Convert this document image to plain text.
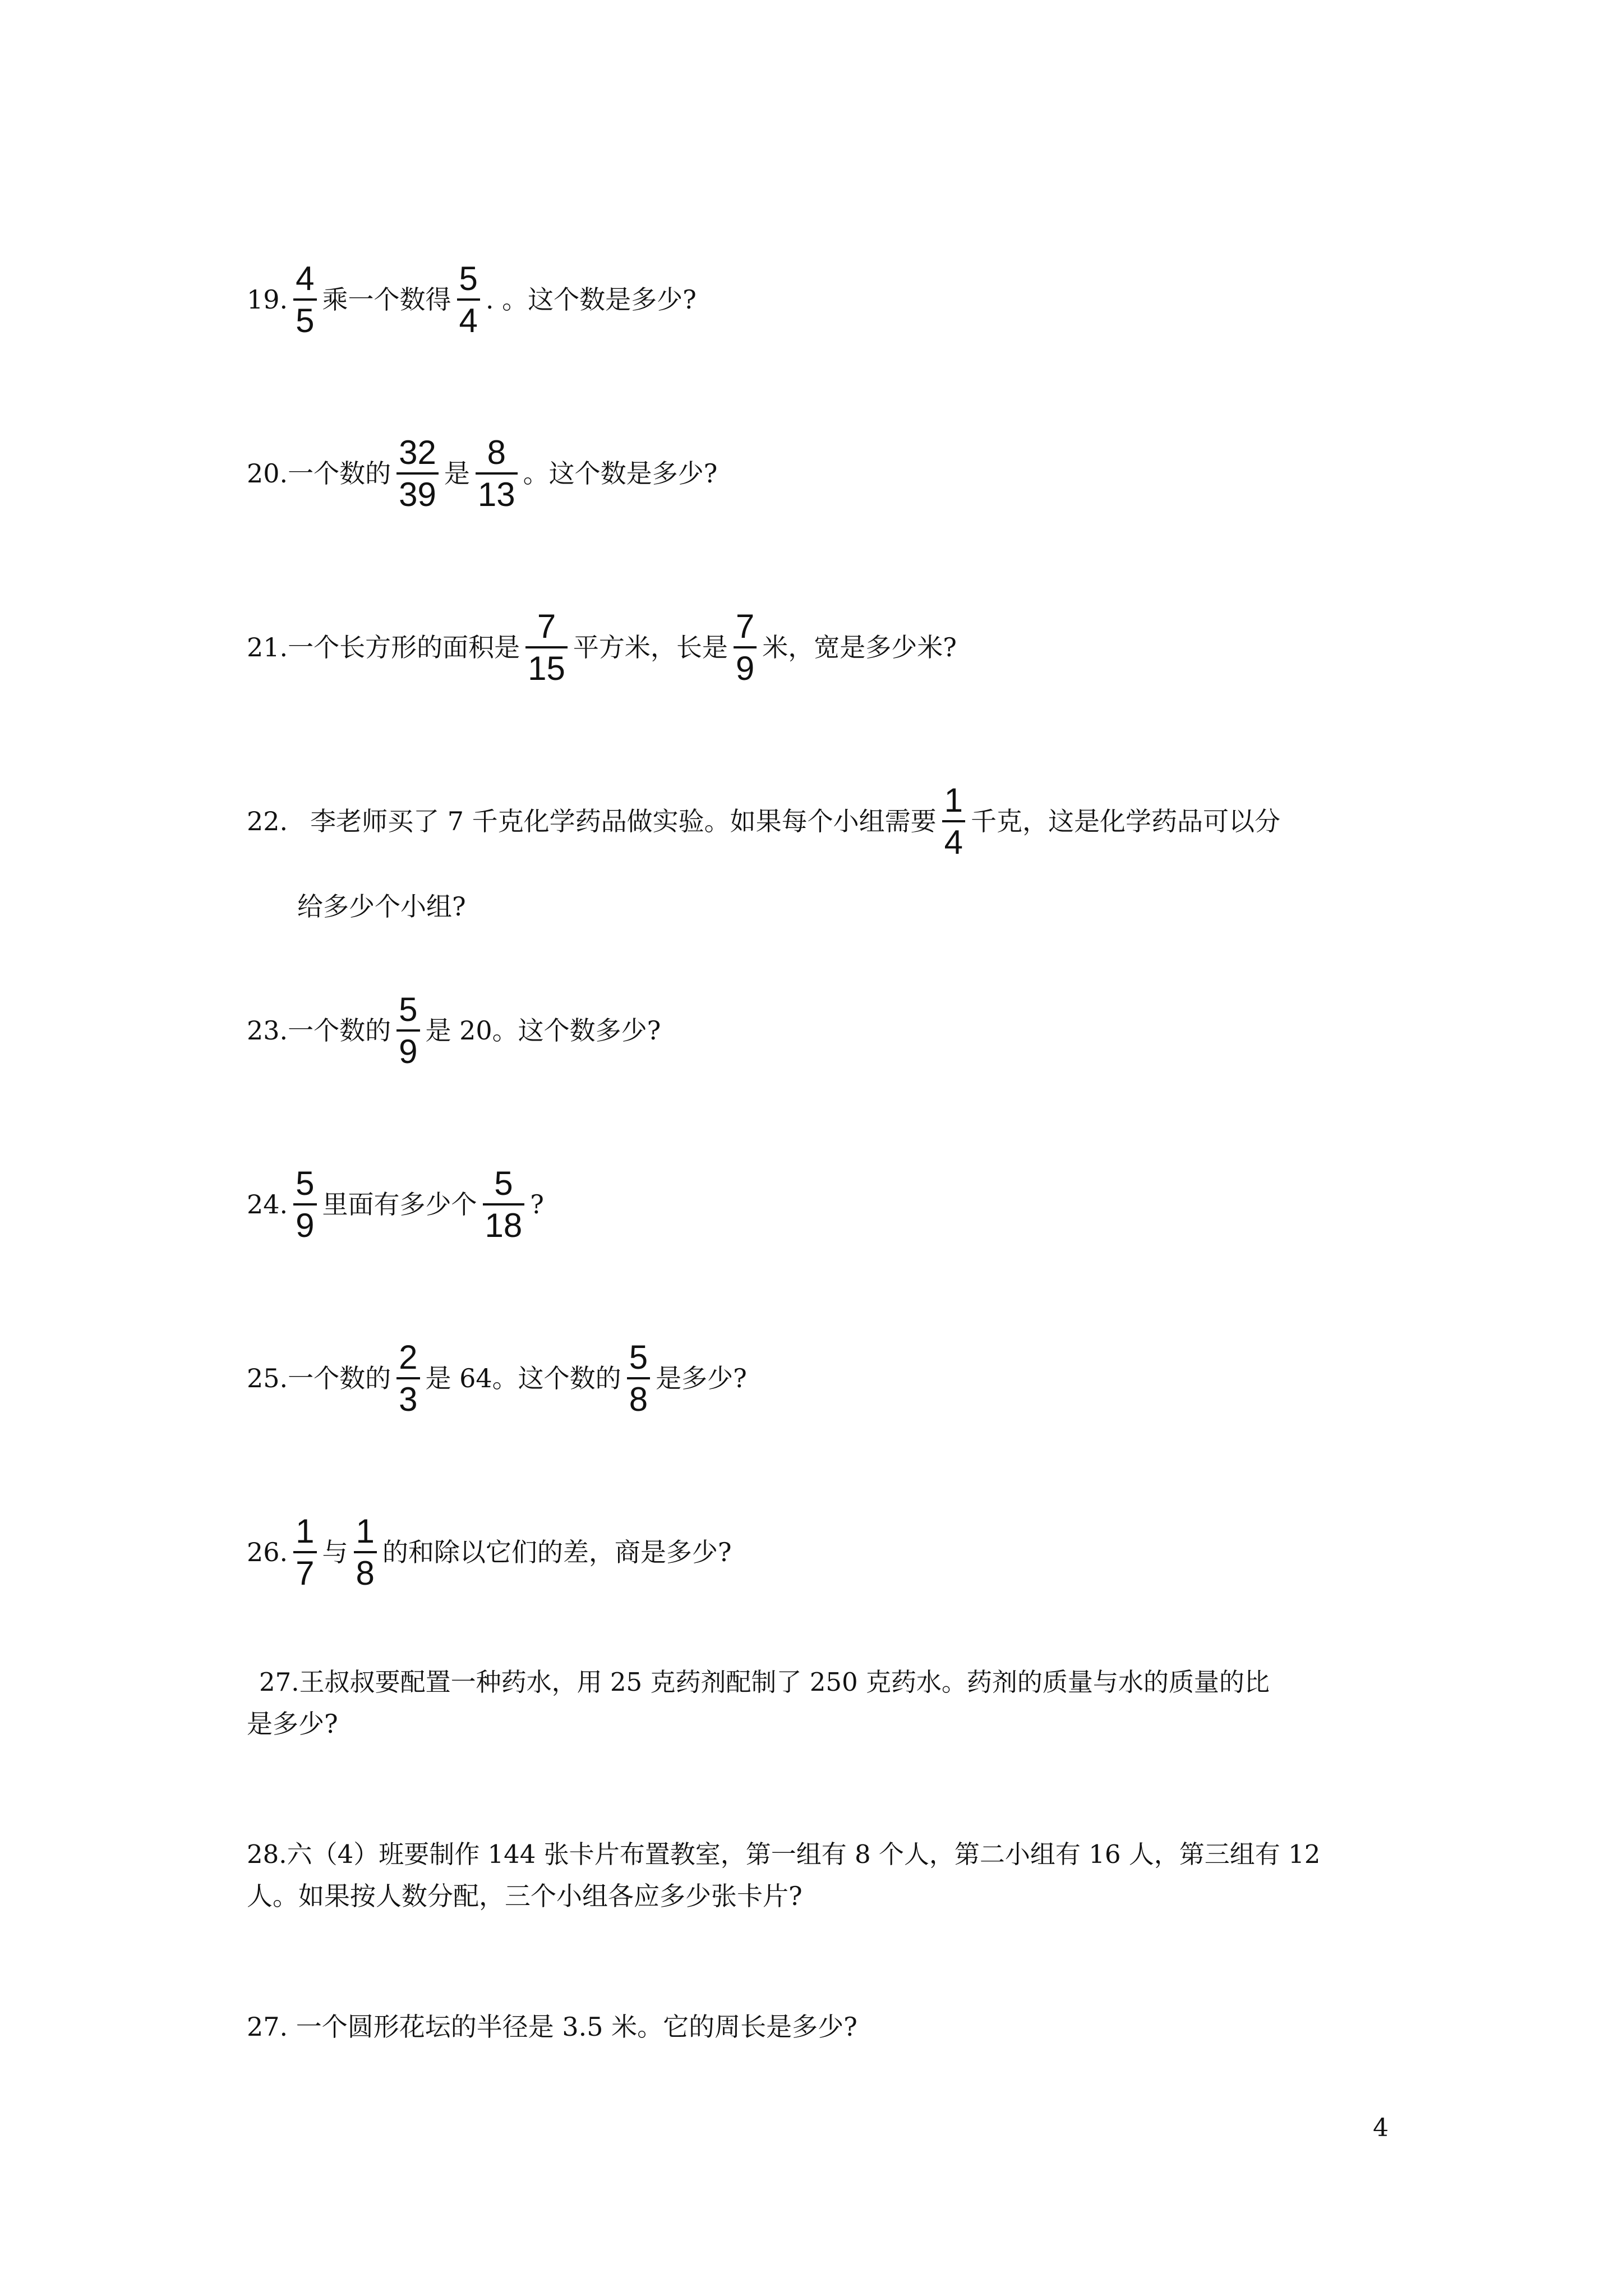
19. $\frac{4}{5}$ 乘一个数得 $\frac{5}{4}$ . 。这个数是多少?
20. 一个数的 $\frac{32}{39}$ 是 $\frac{8}{13}$ 。这个数是多少?
21. 一个长方形的面积是 $\frac{7}{15}$ 平方米，长是 $\frac{7}{9}$ 米，宽是多少米?
22. 李老师买了 7 千克化学药品做实验。如果每个小组需要 $\frac{1}{4}$ 千克，这是化学药品可以分
给多少个小组?
23. 一个数的 $\frac{5}{9}$ 是 20。这个数多少?
24. $\frac{5}{9}$ 里面有多少个 $\frac{5}{18}$ ?
25. 一个数的 $\frac{2}{3}$ 是 64。这个数的 $\frac{5}{8}$ 是多少?
26. $\frac{1}{7}$ 与 $\frac{1}{8}$ 的和除以它们的差，商是多少?
27.王叔叔要配置一种药水，用 25 克药剂配制了 250 克药水。药剂的质量与水的质量的比
是多少?
28.六（4）班要制作 144 张卡片布置教室，第一组有 8 个人，第二小组有 16 人，第三组有 12
人。如果按人数分配，三个小组各应多少张卡片?
27. 一个圆形花坛的半径是 3.5 米。它的周长是多少?
4
